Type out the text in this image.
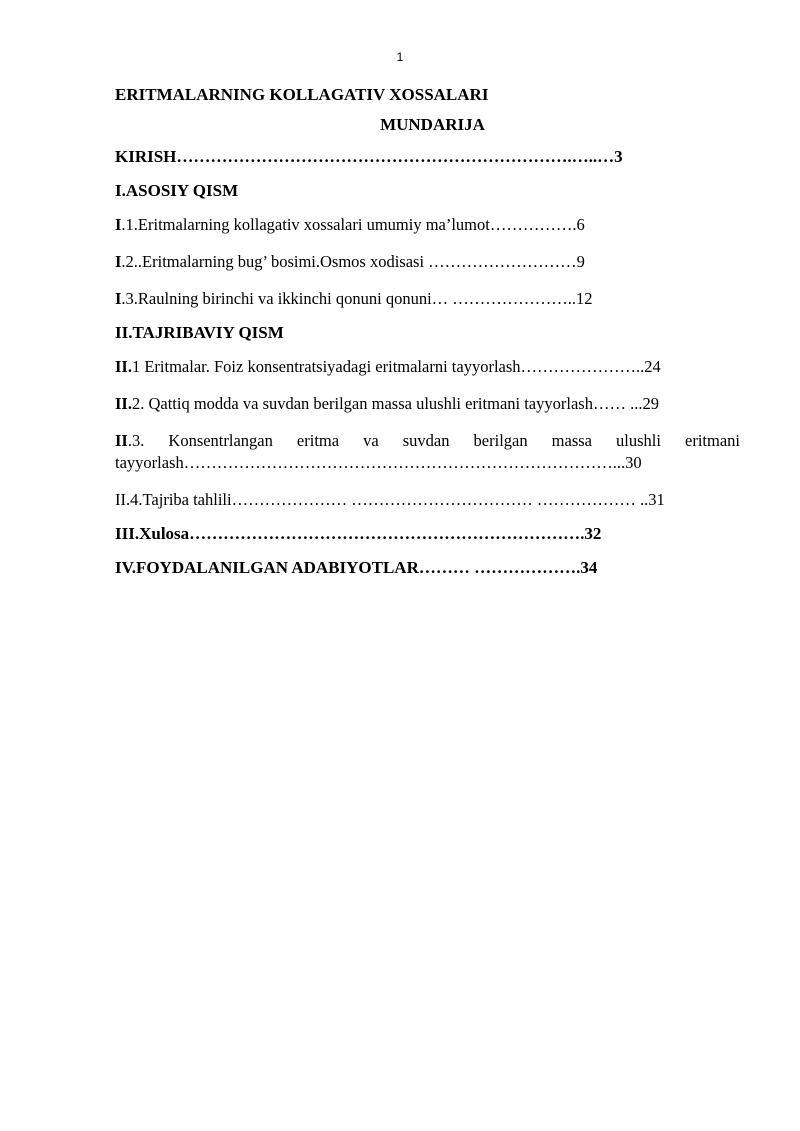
1

ERITMALARNING KOLLAGATIV XOSSALARI

MUNDARIJA

KIRISH…………………………………………………………….…..…3

I.ASOSIY QISM

I.1.Eritmalarning kollagativ xossalari umumiy ma’lumot…………….6

I.2..Eritmalarning bug’ bosimi.Osmos xodisasi ………………………9

I.3.Raulning birinchi va ikkinchi qonuni qonuni… …………………..12

II.TAJRIBAVIY QISM

II.1 Eritmalar. Foiz konsentratsiyadagi eritmalarni tayyorlash…………………..24

II.2. Qattiq modda va suvdan berilgan massa ulushli eritmani tayyorlash…… ...29

II.3. Konsentrlangan eritma va suvdan berilgan massa ulushli eritmani

tayyorlash……………………………………………………………………...30

II.4.Tajriba tahlili………………… …………………………… ……………… ..31

III.Xulosa…………………………………………………………….32

IV.FOYDALANILGAN ADABIYOTLAR……… ……………….34
